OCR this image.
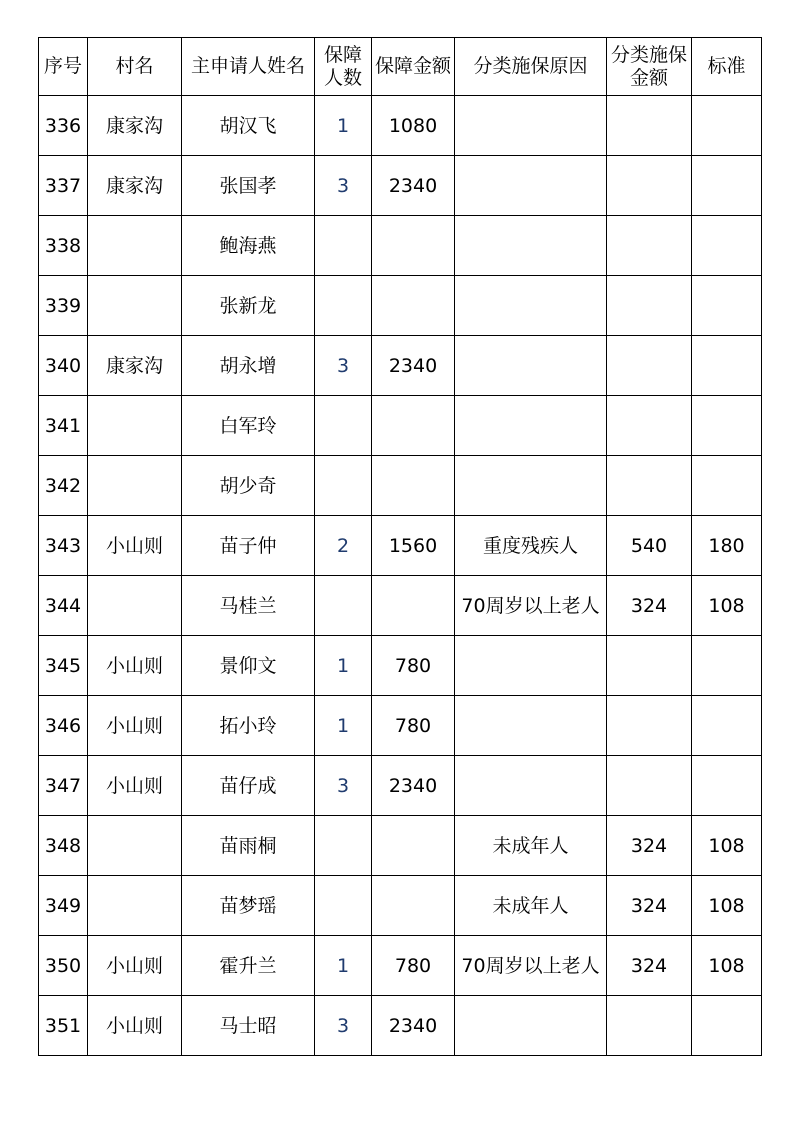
序号	村名	主申请人姓名	保障人数	保障金额	分类施保原因	分类施保金额	标准
336	康家沟	胡汉飞	1	1080			
337	康家沟	张国孝	3	2340			
338		鲍海燕					
339		张新龙					
340	康家沟	胡永增	3	2340			
341		白军玲					
342		胡少奇					
343	小山则	苗子仲	2	1560	重度残疾人	540	180
344		马桂兰			70周岁以上老人	324	108
345	小山则	景仰文	1	780			
346	小山则	拓小玲	1	780			
347	小山则	苗仔成	3	2340			
348		苗雨桐			未成年人	324	108
349		苗梦瑶			未成年人	324	108
350	小山则	霍升兰	1	780	70周岁以上老人	324	108
351	小山则	马士昭	3	2340			
